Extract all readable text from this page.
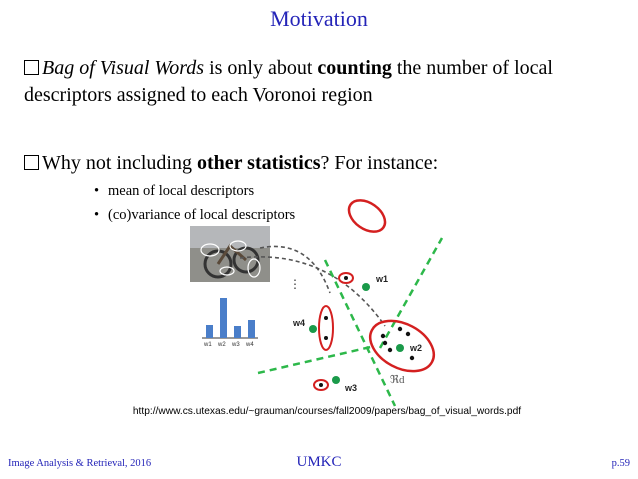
Motivation
Bag of Visual Words is only about counting the number of local descriptors assigned to each Voronoi region
Why not including other statistics? For instance:
• mean of local descriptors
• (co)variance of local descriptors
⋮
w1 w2 w3 w4
w1
w4
w2
ℜd
w3
http://www.cs.utexas.edu/~grauman/courses/fall2009/papers/bag_of_visual_words.pdf
Image Analysis & Retrieval, 2016	UMKC	p.59
